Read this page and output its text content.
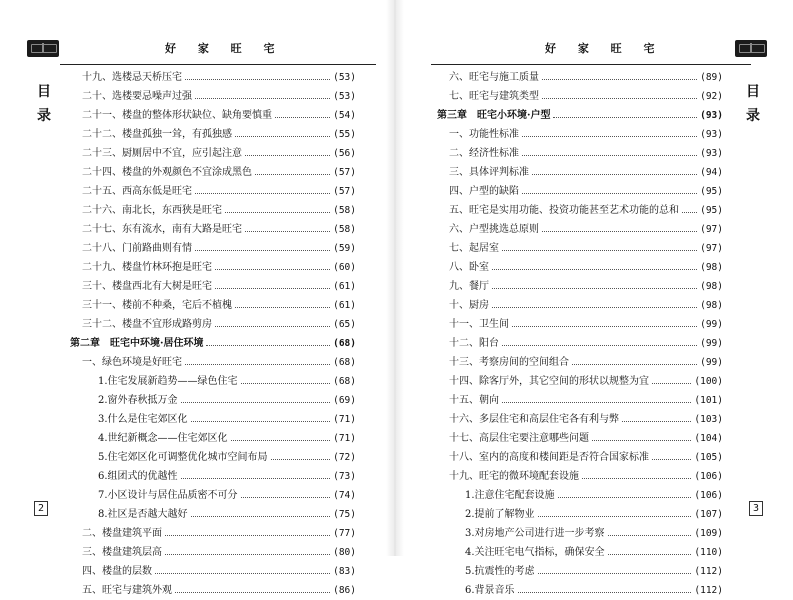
好 家 旺 宅
目
录
十九、选楼忌天桥压宅	(53)
二十、选楼要忌噪声过强	(53)
二十一、楼盘的整体形状缺位、缺角要慎重	(54)
二十二、楼盘孤独一耸，有孤独感	(55)
二十三、厨厕居中不宜，应引起注意	(56)
二十四、楼盘的外观颜色不宜涂成黑色	(57)
二十五、西高东低是旺宅	(57)
二十六、南北长，东西狭是旺宅	(58)
二十七、东有流水，南有大路是旺宅	(58)
二十八、门前路曲则有情	(59)
二十九、楼盘竹林环抱是旺宅	(60)
三十、楼盘西北有大树是旺宅	(61)
三十一、楼前不种桑，宅后不植槐	(61)
三十二、楼盘不宜形成路剪房	(65)
第二章　旺宅中环境·居住环境	(68)
一、绿色环境是好旺宅	(68)
1.住宅发展新趋势——绿色住宅	(68)
2.窗外春秋抵万金	(69)
3.什么是住宅郊区化	(71)
4.世纪新概念——住宅郊区化	(71)
5.住宅郊区化可调整优化城市空间布局	(72)
6.组团式的优越性	(73)
7.小区设计与居住品质密不可分	(74)
8.社区是否越大越好	(75)
二、楼盘建筑平面	(77)
三、楼盘建筑层高	(80)
四、楼盘的层数	(83)
五、旺宅与建筑外观	(86)
2
好 家 旺 宅
目
录
六、旺宅与施工质量	(89)
七、旺宅与建筑类型	(92)
第三章　旺宅小环境·户型	(93)
一、功能性标准	(93)
二、经济性标准	(93)
三、具体评判标准	(94)
四、户型的缺陷	(95)
五、旺宅是实用功能、投资功能甚至艺术功能的总和 (95)
六、户型挑选总原则	(97)
七、起居室	(97)
八、卧室	(98)
九、餐厅	(98)
十、厨房	(98)
十一、卫生间	(99)
十二、阳台	(99)
十三、考察房间的空间组合	(99)
十四、除客厅外，其它空间的形状以规整为宜	(100)
十五、朝向	(101)
十六、多层住宅和高层住宅各有利与弊	(103)
十七、高层住宅要注意哪些问题	(104)
十八、室内的高度和楼间距是否符合国家标准	(105)
十九、旺宅的微环境配套设施	(106)
1.注意住宅配套设施	(106)
2.提前了解物业	(107)
3.对房地产公司进行进一步考察	(109)
4.关注旺宅电气指标，确保安全	(110)
5.抗震性的考虑	(112)
6.背景音乐	(112)
3
